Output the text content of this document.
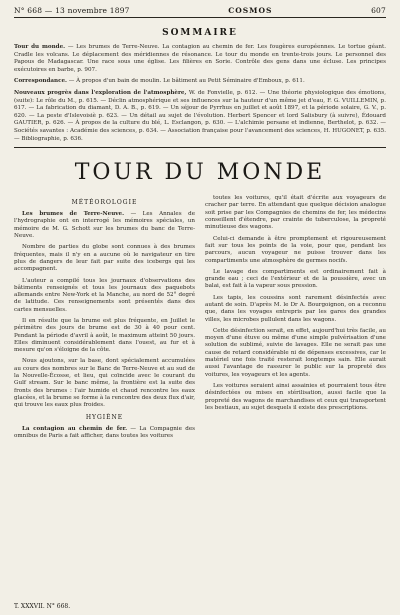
N° 668 — 13 novembre 1897	COSMOS	607
SOMMAIRE

Tour du monde. — Les brumes de Terre-Neuve. La contagion au chemin de fer. Les fougères européennes. Le tortue géant. Cradle les volcans. Le déplacement des méridiennes de résonance. Le tour du monde en trente-trois jours. Le personnel des Papous de Madagascar. Une race sous une église. Les filières en Sorie. Contrôle des gens dans une écluse. Les principes exécutoires en barbe, p. 907.

Correspondance. — À propos d'un bain de moulin. Le bâtiment au Petit Séminaire d'Emboux, p. 611.

Nouveaux progrès dans l'exploration de l'atmosphère, W. de Fonvielle, p. 612. — Une théorie physiologique des émotions, (suite): Le rôle du M., p. 615. — Déclin atmosphérique et ses influences sur la hauteur d'un même jet d'eau, F. G. VUILLEMIN, p. 617. — La fabrication du diamant, D. A. B., p. 619. — Un séjour de Pyrrhus en juillet et août 1897, et la période solaire, G. V., p. 620. — La peste d'Islevoisiè p. 623. — Un détail au sujet de l'évolution. Herbert Spencer et lord Salisbury (à suivre), Édouard GAUTIER, p. 626. — À propos de la culture du blé, L. Esclangon, p. 630. — L'alchimie persane et indienne, Berthelot, p. 632. — Sociétés savantes : Académie des sciences, p. 634. — Association française pour l'avancement des sciences, H. HUGONET, p. 635. — Bibliographie, p. 636.

TOUR DU MONDE
MÉTÉOROLOGIE

Les brumes de Terre-Neuve. — Les Annales de l'hydrographie ont en interrogé les mémoires spéciales, un mémoire de M. G. Schott sur les brumes du banc de Terre-Neuve.

Nombre de parties du globe sont connues à des brumes fréquentes, mais il n'y en a aucune où le navigateur en tire plus de dangers de leur fait par suite des icebergs qui les accompagnent.

L'auteur a compilé tous les journaux d'observations des bâtiments renseignés et tous les journaux des paquebots allemands entre New-York et la Manche, au nord de 52° degré de latitude. Ces renseignements sont présentés dans des cartes mensuelles.

Il en résulte que la brume est plus fréquente, en Juillet le périmètre des jours de brume est de 30 à 40 pour cent. Pendant la période d'avril à août, le maximum atteint 50 jours. Elles diminuent considérablement dans l'ouest, au fur et à mesure qu'on s'éloigne de la côte.

Nous ajoutons, sur la base, dont spécialement accumulées au cours des nombres sur le Banc de Terre-Neuve et au sud de la Nouvelle-Écosse, et lieu, qui coïncide avec le courant du Gulf stream. Sur le banc même, la frontière est la suite des fronts des brumes : l'air humide et chaud rencontre les eaux glacées, et la brume se forme à la rencontre des deux flux d'air, qui trouve les eaux plus froides.

HYGIÈNE

La contagion au chemin de fer. — La Compagnie des omnibus de Paris a fait afficher, dans toutes les voitures

toutes les voitures, qu'il était d'écrite aux voyageurs de cracher par terre. En attendant que quelque décision analogue soit prise par les Compagnies de chemins de fer, les médecins conseillent d'étendre, par crainte de tuberculose, la propreté minutieuse des wagons.

Celui-ci demande à être promptement et rigoureusement fait sur tous les points de la voie, pour que, pendant les parcours, aucun voyageur ne puisse trouver dans les compartiments une atmosphère de germes nocifs.

Le lavage des compartiments est ordinairement fait à grande eau ; ceci de l'extérieur et de la poussière, avec un balai, est fait à la vapeur sous pression.

Les tapis, les coussins sont rarement désinfectés avec autant de soin. D'après M. le Dr A. Bourgoignon, on a reconnu que, dans les voyages entrepris par les gares des grandes villes, les microbes pullulent dans les wagons.

Cette désinfection serait, en effet, aujourd'hui très facile, au moyen d'une étuve ou même d'une simple pulvérisation d'une solution de sublimé, suivie de lavages. Elle ne serait pas une cause de retard considérable ni de dépenses excessives, car le matériel une fois traité resterait longtemps sain. Elle aurait aussi l'avantage de rassurer le public sur la propreté des voitures, les voyageurs et les agents.

Les voitures seraient ainsi assainies et pourraient tous être désinfectées ou mises en stérilisation, aussi facile que la propreté des wagons de marchandises et ceux qui transportent les bestiaux, au sujet desquels il existe des prescriptions.

T. XXXVII. N° 668.
